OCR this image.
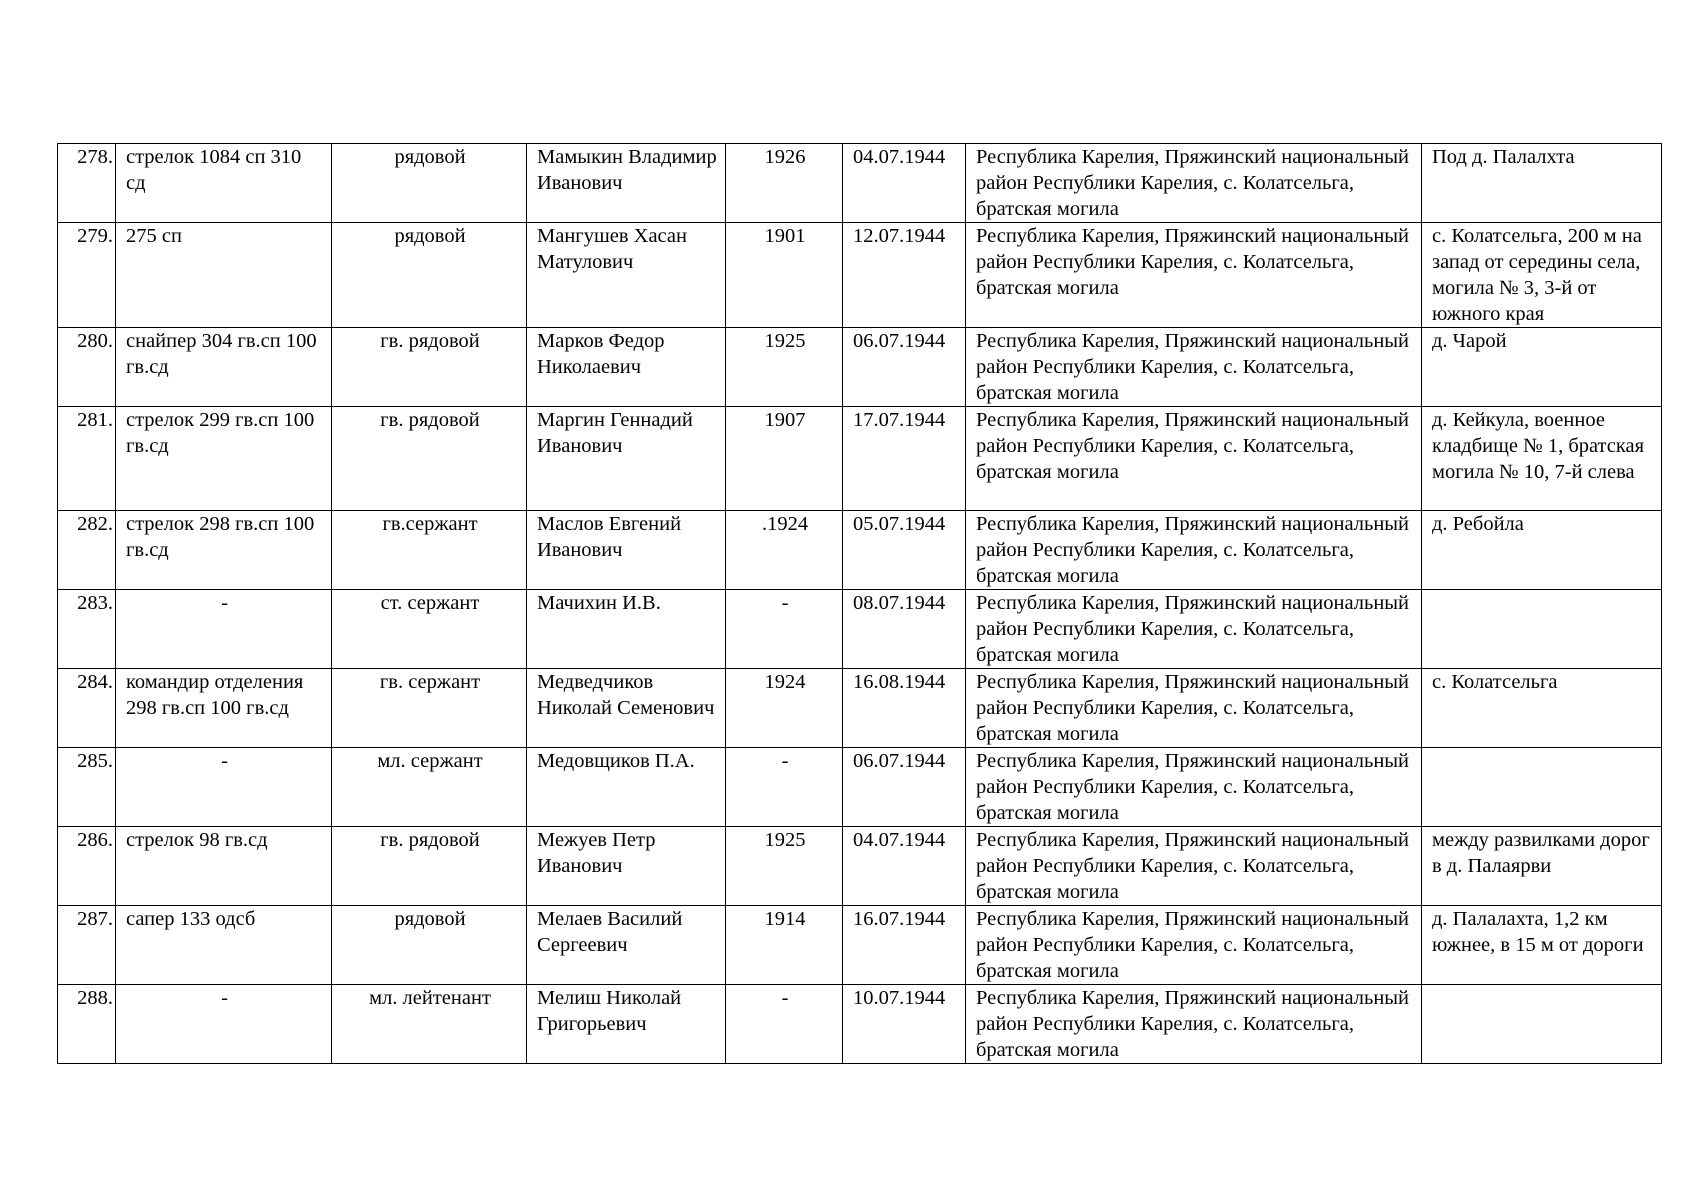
278.	стрелок 1084 сп 310 сд	рядовой	Мамыкин Владимир Иванович	1926	04.07.1944	Республика Карелия, Пряжинский национальный район Республики Карелия, с. Колатсельга, братская могила	Под д. Палалхта
279.	275 сп	рядовой	Мангушев Хасан Матулович	1901	12.07.1944	Республика Карелия, Пряжинский национальный район Республики Карелия, с. Колатсельга, братская могила	с. Колатсельга, 200 м на запад от середины села, могила № 3, 3-й от южного края
280.	снайпер 304 гв.сп 100 гв.сд	гв. рядовой	Марков Федор Николаевич	1925	06.07.1944	Республика Карелия, Пряжинский национальный район Республики Карелия, с. Колатсельга, братская могила	д. Чарой
281.	стрелок 299 гв.сп 100 гв.сд	гв. рядовой	Маргин Геннадий Иванович	1907	17.07.1944	Республика Карелия, Пряжинский национальный район Республики Карелия, с. Колатсельга, братская могила	д. Кейкула, военное кладбище № 1, братская могила № 10, 7-й слева
282.	стрелок 298 гв.сп 100 гв.сд	гв.сержант	Маслов Евгений Иванович	.1924	05.07.1944	Республика Карелия, Пряжинский национальный район Республики Карелия, с. Колатсельга, братская могила	д. Ребойла
283.	-	ст. сержант	Мачихин И.В.	-	08.07.1944	Республика Карелия, Пряжинский национальный район Республики Карелия, с. Колатсельга, братская могила	
284.	командир отделения 298 гв.сп 100 гв.сд	гв. сержант	Медведчиков Николай Семенович	1924	16.08.1944	Республика Карелия, Пряжинский национальный район Республики Карелия, с. Колатсельга, братская могила	с. Колатсельга
285.	-	мл. сержант	Медовщиков П.А.	-	06.07.1944	Республика Карелия, Пряжинский национальный район Республики Карелия, с. Колатсельга, братская могила	
286.	стрелок 98 гв.сд	гв. рядовой	Межуев Петр Иванович	1925	04.07.1944	Республика Карелия, Пряжинский национальный район Республики Карелия, с. Колатсельга, братская могила	между развилками дорог в д. Палаярви
287.	сапер 133 одсб	рядовой	Мелаев Василий Сергеевич	1914	16.07.1944	Республика Карелия, Пряжинский национальный район Республики Карелия, с. Колатсельга, братская могила	д. Палалахта, 1,2 км южнее, в 15 м от дороги
288.	-	мл. лейтенант	Мелиш Николай Григорьевич	-	10.07.1944	Республика Карелия, Пряжинский национальный район Республики Карелия, с. Колатсельга, братская могила	
